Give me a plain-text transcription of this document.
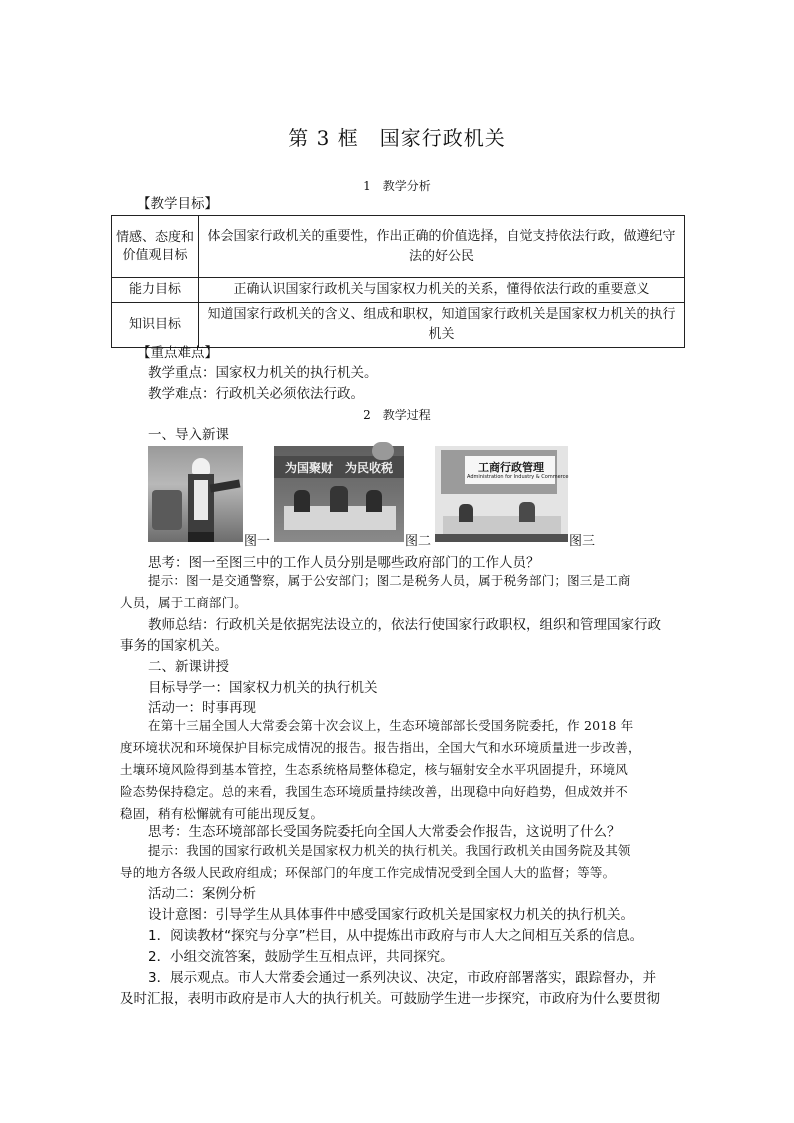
第 3 框　国家行政机关
1　教学分析
【教学目标】
情感、态度和价值观目标	体会国家行政机关的重要性，作出正确的价值选择，自觉支持依法行政，做遵纪守法的好公民
能力目标	正确认识国家行政机关与国家权力机关的关系，懂得依法行政的重要意义
知识目标	知道国家行政机关的含义、组成和职权，知道国家行政机关是国家权力机关的执行机关
【重点难点】
教学重点：国家权力机关的执行机关。
教学难点：行政机关必须依法行政。
2　教学过程
一、导入新课
图一
为国聚财　为民收税
图二
工商行政管理
Administration for Industry & Commerce
图三
思考：图一至图三中的工作人员分别是哪些政府部门的工作人员？
提示：图一是交通警察，属于公安部门；图二是税务人员，属于税务部门；图三是工商
人员，属于工商部门。
教师总结：行政机关是依据宪法设立的，依法行使国家行政职权，组织和管理国家行政
事务的国家机关。
二、新课讲授
目标导学一：国家权力机关的执行机关
活动一：时事再现
在第十三届全国人大常委会第十次会议上，生态环境部部长受国务院委托，作 2018 年
度环境状况和环境保护目标完成情况的报告。报告指出，全国大气和水环境质量进一步改善，
土壤环境风险得到基本管控，生态系统格局整体稳定，核与辐射安全水平巩固提升，环境风
险态势保持稳定。总的来看，我国生态环境质量持续改善，出现稳中向好趋势，但成效并不
稳固，稍有松懈就有可能出现反复。
思考：生态环境部部长受国务院委托向全国人大常委会作报告，这说明了什么？
提示：我国的国家行政机关是国家权力机关的执行机关。我国行政机关由国务院及其领
导的地方各级人民政府组成；环保部门的年度工作完成情况受到全国人大的监督；等等。
活动二：案例分析
设计意图：引导学生从具体事件中感受国家行政机关是国家权力机关的执行机关。
1．阅读教材“探究与分享”栏目，从中提炼出市政府与市人大之间相互关系的信息。
2．小组交流答案，鼓励学生互相点评，共同探究。
3．展示观点。市人大常委会通过一系列决议、决定，市政府部署落实，跟踪督办，并
及时汇报，表明市政府是市人大的执行机关。可鼓励学生进一步探究，市政府为什么要贯彻
